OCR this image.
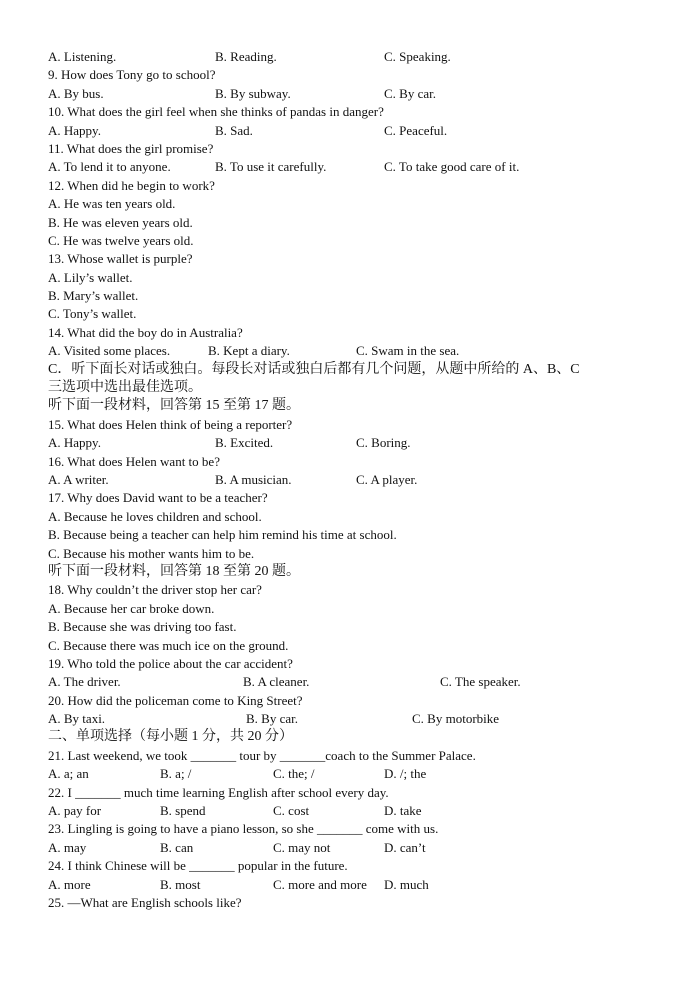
A. Listening.	B. Reading.	C. Speaking.
9. How does Tony go to school?
A. By bus.	B. By subway.	C. By car.
10. What does the girl feel when she thinks of pandas in danger?
A. Happy.	B. Sad.	C. Peaceful.
11. What does the girl promise?
A. To lend it to anyone.	B. To use it carefully.	C. To take good care of it.
12. When did he begin to work?
A. He was ten years old.
B. He was eleven years old.
C. He was twelve years old.
13. Whose wallet is purple?
A. Lily’s wallet.
B. Mary’s wallet.
C. Tony’s wallet.
14. What did the boy do in Australia?
A. Visited some places.	B. Kept a diary.	C. Swam in the sea.
C．听下面长对话或独白。每段长对话或独白后都有几个问题，从题中所给的 A、B、C
三选项中选出最佳选项。
听下面一段材料，回答第 15 至第 17 题。
15. What does Helen think of being a reporter?
A. Happy.	B. Excited.	C. Boring.
16. What does Helen want to be?
A. A writer.	B. A musician.	C. A player.
17. Why does David want to be a teacher?
A. Because he loves children and school.
B. Because being a teacher can help him remind his time at school.
C. Because his mother wants him to be.
听下面一段材料，回答第 18 至第 20 题。
18. Why couldn’t the driver stop her car?
A. Because her car broke down.
B. Because she was driving too fast.
C. Because there was much ice on the ground.
19. Who told the police about the car accident?
A. The driver.	B. A cleaner.	C. The speaker.
20. How did the policeman come to King Street?
A. By taxi.	B. By car.	C. By motorbike
二、单项选择（每小题 1 分，共 20 分）
21. Last weekend, we took _______ tour by _______coach to the Summer Palace.
A. a; an	B. a; /	C. the; /	D. /; the
22. I _______ much time learning English after school every day.
A. pay for	B. spend	C. cost	D. take
23. Lingling is going to have a piano lesson, so she _______ come with us.
A. may	B. can	C. may not	D. can’t
24. I think Chinese will be _______ popular in the future.
A. more	B. most	C. more and more D. much
25. —What are English schools like?
